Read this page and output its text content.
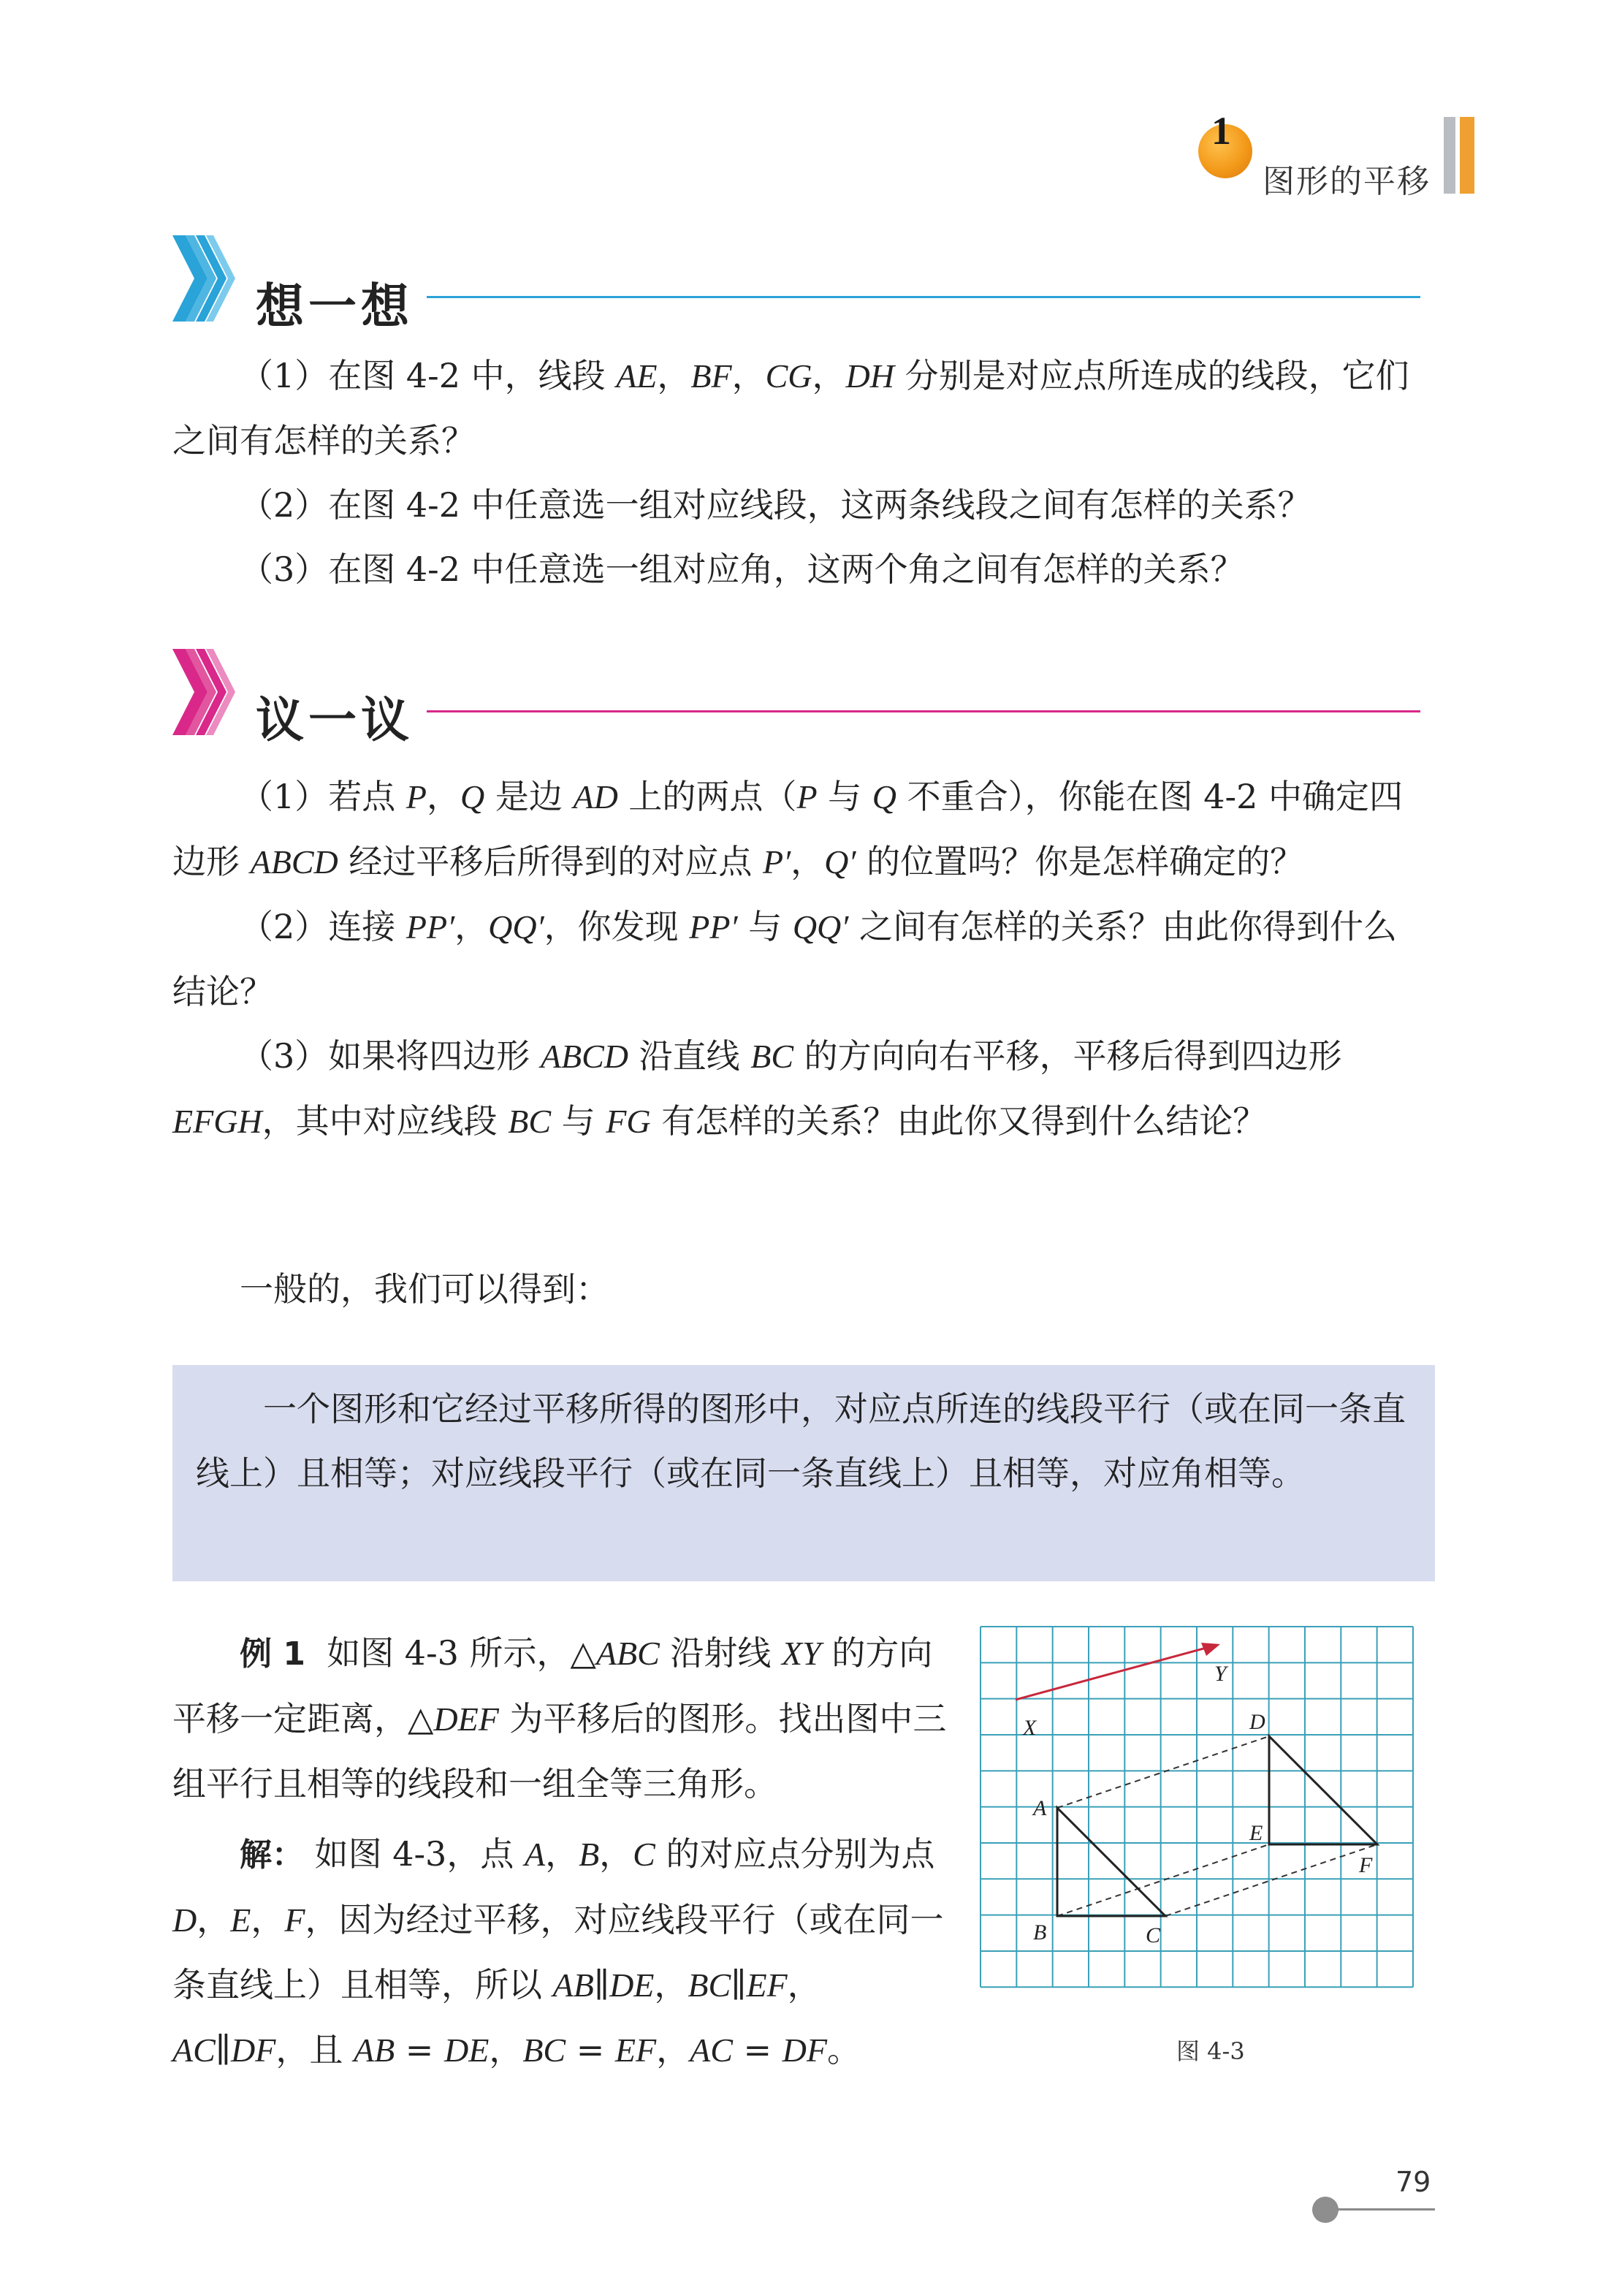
1
图形的平移
想一想

（1）在图 4-2 中，线段 AE，BF，CG，DH 分别是对应点所连成的线段，它们之间有怎样的关系？

（2）在图 4-2 中任意选一组对应线段，这两条线段之间有怎样的关系？

（3）在图 4-2 中任意选一组对应角，这两个角之间有怎样的关系？

议一议

（1）若点 P，Q 是边 AD 上的两点（P 与 Q 不重合），你能在图 4-2 中确定四边形 ABCD 经过平移后所得到的对应点 P′，Q′ 的位置吗？你是怎样确定的？

（2）连接 PP′，QQ′，你发现 PP′ 与 QQ′ 之间有怎样的关系？由此你得到什么结论？

（3）如果将四边形 ABCD 沿直线 BC 的方向向右平移，平移后得到四边形 EFGH，其中对应线段 BC 与 FG 有怎样的关系？由此你又得到什么结论？

一般的，我们可以得到：

一个图形和它经过平移所得的图形中，对应点所连的线段平行（或在同一条直线上）且相等；对应线段平行（或在同一条直线上）且相等，对应角相等。

例 1 如图 4-3 所示，△ABC 沿射线 XY 的方向平移一定距离，△DEF 为平移后的图形。找出图中三组平行且相等的线段和一组全等三角形。

解： 如图 4-3，点 A，B，C 的对应点分别为点 D，E，F，因为经过平移，对应线段平行（或在同一条直线上）且相等，所以 AB∥DE，BC∥EF，AC∥DF，且 AB = DE，BC = EF，AC = DF。

X
Y
A
B	C
D
E
F
图 4-3
79
